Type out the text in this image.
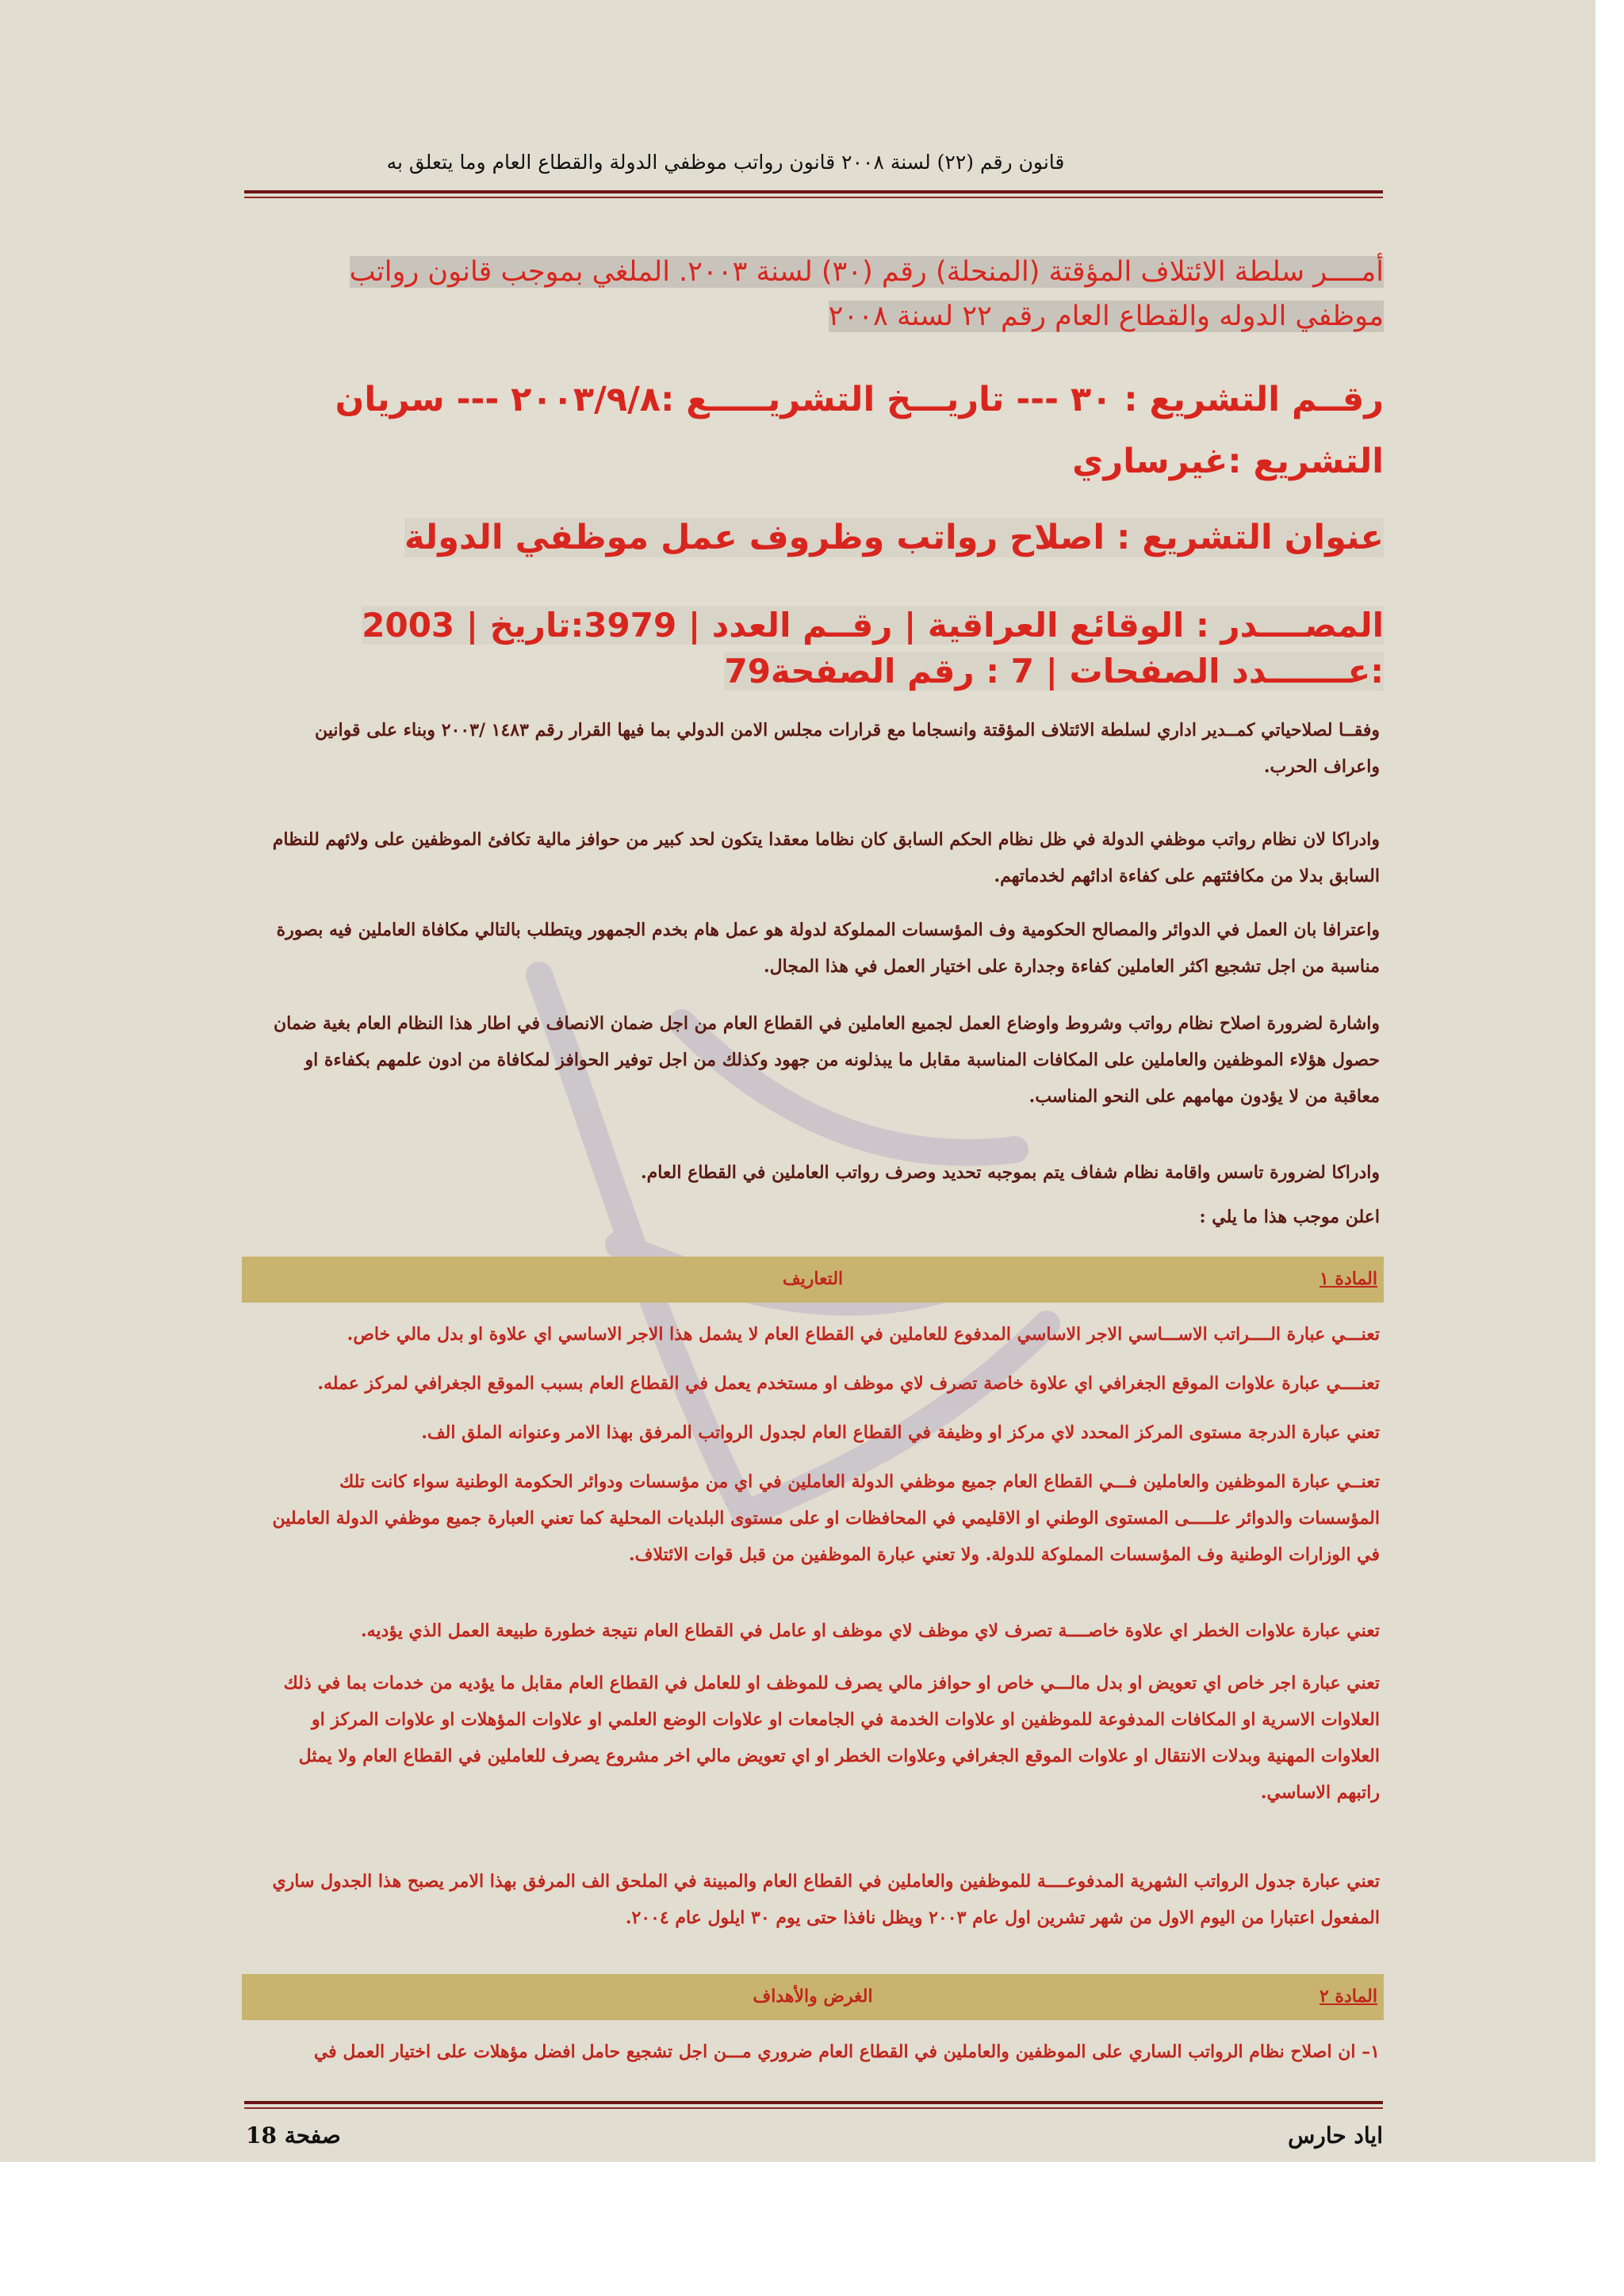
قانون رقم (٢٢) لسنة ٢٠٠٨ قانون رواتب موظفي الدولة والقطاع العام وما يتعلق به
أمــــر سلطة الائتلاف المؤقتة (المنحلة) رقم (٣٠) لسنة ٢٠٠٣. الملغي بموجب قانون رواتب
موظفي الدوله والقطاع العام رقم ٢٢ لسنة ٢٠٠٨
رقــم التشريع : ٣٠ --- تاريـــخ التشريـــــع :٢٠٠٣/٩/٨ --- سريان التشريع :غيرساري
عنوان التشريع : اصلاح رواتب وظروف عمل موظفي الدولة
المصــــدر : الوقائع العراقية | رقــم العدد | 3979:تاريخ | 2003 :عـــــــدد الصفحات | 7 : رقم الصفحة79

وفقــا لصلاحياتي كمــدير اداري لسلطة الائتلاف المؤقتة وانسجاما مع قرارات مجلس الامن الدولي بما فيها القرار رقم ١٤٨٣ /٢٠٠٣ وبناء على قوانين واعراف الحرب.

وادراكا لان نظام رواتب موظفي الدولة في ظل نظام الحكم السابق كان نظاما معقدا يتكون لحد كبير من حوافز مالية تكافئ الموظفين على ولائهم للنظام السابق بدلا من مكافئتهم على كفاءة ادائهم لخدماتهم.

واعترافا بان العمل في الدوائر والمصالح الحكومية وف المؤسسات المملوكة لدولة هو عمل هام بخدم الجمهور ويتطلب بالتالي مكافاة العاملين فيه بصورة مناسبة من اجل تشجيع اكثر العاملين كفاءة وجدارة على اختيار العمل في هذا المجال.

واشارة لضرورة اصلاح نظام رواتب وشروط واوضاع العمل لجميع العاملين في القطاع العام من اجل ضمان الانصاف في اطار هذا النظام العام بغية ضمان حصول هؤلاء الموظفين والعاملين على المكافات المناسبة مقابل ما يبذلونه من جهود وكذلك من اجل توفير الحوافز لمكافاة من ادون علمهم بكفاءة او معاقبة من لا يؤدون مهامهم على النحو المناسب.

وادراكا لضرورة تاسس واقامة نظام شفاف يتم بموجبه تحديد وصرف رواتب العاملين في القطاع العام.

اعلن موجب هذا ما يلي :

المادة ١
التعاريف

تعنـــي عبارة الــــراتب الاســـاسي الاجر الاساسي المدفوع للعاملين في القطاع العام لا يشمل هذا الاجر الاساسي اي علاوة او بدل مالي خاص.

تعنــــي عبارة علاوات الموقع الجغرافي اي علاوة خاصة تصرف لاي موظف او مستخدم يعمل في القطاع العام بسبب الموقع الجغرافي لمركز عمله.

تعني عبارة الدرجة مستوى المركز المحدد لاي مركز او وظيفة في القطاع العام لجدول الرواتب المرفق بهذا الامر وعنوانه الملق الف.

تعنــي عبارة الموظفين والعاملين فـــي القطاع العام جميع موظفي الدولة العاملين في اي من مؤسسات ودوائر الحكومة الوطنية سواء كانت تلك المؤسسات والدوائر علـــــى المستوى الوطني او الاقليمي في المحافظات او على مستوى البلديات المحلية كما تعني العبارة جميع موظفي الدولة العاملين في الوزارات الوطنية وف المؤسسات المملوكة للدولة. ولا تعني عبارة الموظفين من قبل قوات الائتلاف.

تعني عبارة علاوات الخطر اي علاوة خاصــــة تصرف لاي موظف لاي موظف او عامل في القطاع العام نتيجة خطورة طبيعة العمل الذي يؤديه.

تعني عبارة اجر خاص اي تعويض او بدل مالـــي خاص او حوافز مالي يصرف للموظف او للعامل في القطاع العام مقابل ما يؤديه من خدمات بما في ذلك العلاوات الاسرية او المكافات المدفوعة للموظفين او علاوات الخدمة في الجامعات او علاوات الوضع العلمي او علاوات المؤهلات او علاوات المركز او العلاوات المهنية وبدلات الانتقال او علاوات الموقع الجغرافي وعلاوات الخطر او اي تعويض مالي اخر مشروع يصرف للعاملين في القطاع العام ولا يمثل راتبهم الاساسي.

تعني عبارة جدول الرواتب الشهرية المدفوعــــة للموظفين والعاملين في القطاع العام والمبينة في الملحق الف المرفق بهذا الامر يصبح هذا الجدول ساري المفعول اعتبارا من اليوم الاول من شهر تشرين اول عام ٢٠٠٣ ويظل نافذا حتى يوم ٣٠ ايلول عام ٢٠٠٤.

المادة ٢
الغرض والأهداف

١– ان اصلاح نظام الرواتب الساري على الموظفين والعاملين في القطاع العام ضروري مـــن اجل تشجيع حامل افضل مؤهلات على اختيار العمل في

اياد حارس
صفحة 18
